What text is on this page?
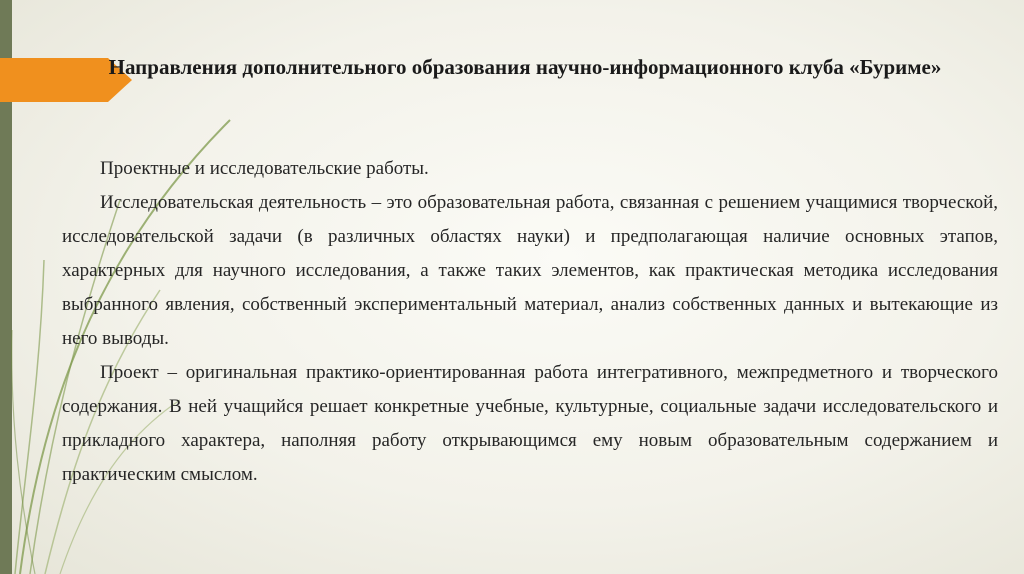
Направления дополнительного образования научно-информационного клуба «Буриме»

Проектные и исследовательские работы.

Исследовательская деятельность – это образовательная работа, связанная с решением учащимися творческой, исследовательской задачи (в различных областях науки) и предполагающая наличие основных этапов, характерных для научного исследования, а также таких элементов, как практическая методика исследования выбранного явления, собственный экспериментальный материал, анализ собственных данных и вытекающие из него выводы.

Проект – оригинальная практико-ориентированная работа интегративного, межпредметного и творческого содержания. В ней учащийся решает конкретные учебные, культурные, социальные задачи исследовательского и прикладного характера, наполняя работу открывающимся ему новым образовательным содержанием и практическим смыслом.
